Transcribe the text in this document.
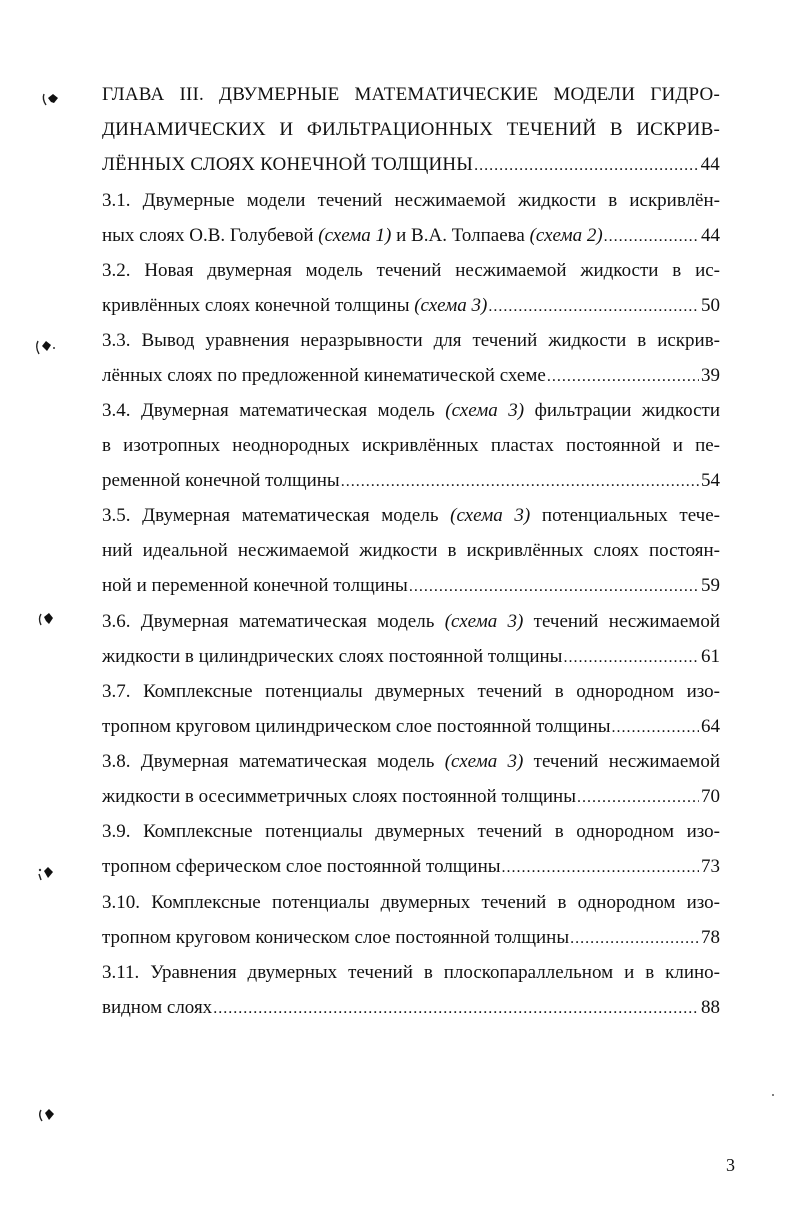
ГЛАВА III. ДВУМЕРНЫЕ МАТЕМАТИЧЕСКИЕ МОДЕЛИ ГИДРО-
ДИНАМИЧЕСКИХ И ФИЛЬТРАЦИОННЫХ ТЕЧЕНИЙ В ИСКРИВ-
ЛЁННЫХ СЛОЯХ КОНЕЧНОЙ ТОЛЩИНЫ .....	44
3.1. Двумерные модели течений несжимаемой жидкости в искривлён-
ных слоях О.В. Голубевой (схема 1) и В.А. Толпаева (схема 2) .....	44
3.2. Новая двумерная модель течений несжимаемой жидкости в ис-
кривлённых слоях конечной толщины (схема 3) .....	50
3.3. Вывод уравнения неразрывности для течений жидкости в искрив-
лённых слоях по предложенной кинематической схеме .....	39
3.4. Двумерная математическая модель (схема 3) фильтрации жидкости
в изотропных неоднородных искривлённых пластах постоянной и пе-
ременной конечной толщины .....	54
3.5. Двумерная математическая модель (схема 3) потенциальных тече-
ний идеальной несжимаемой жидкости в искривлённых слоях постоян-
ной и переменной конечной толщины .....	59
3.6. Двумерная математическая модель (схема 3) течений несжимаемой
жидкости в цилиндрических слоях постоянной толщины .....	61
3.7. Комплексные потенциалы двумерных течений в однородном изо-
тропном круговом цилиндрическом слое постоянной толщины .....	64
3.8. Двумерная математическая модель (схема 3) течений несжимаемой
жидкости в осесимметричных слоях постоянной толщины .....	70
3.9. Комплексные потенциалы двумерных течений в однородном изо-
тропном сферическом слое постоянной толщины .....	73
3.10. Комплексные потенциалы двумерных течений в однородном изо-
тропном круговом коническом слое постоянной толщины .....	78
3.11. Уравнения двумерных течений в плоскопараллельном и в клино-
видном слоях .....	88
3
